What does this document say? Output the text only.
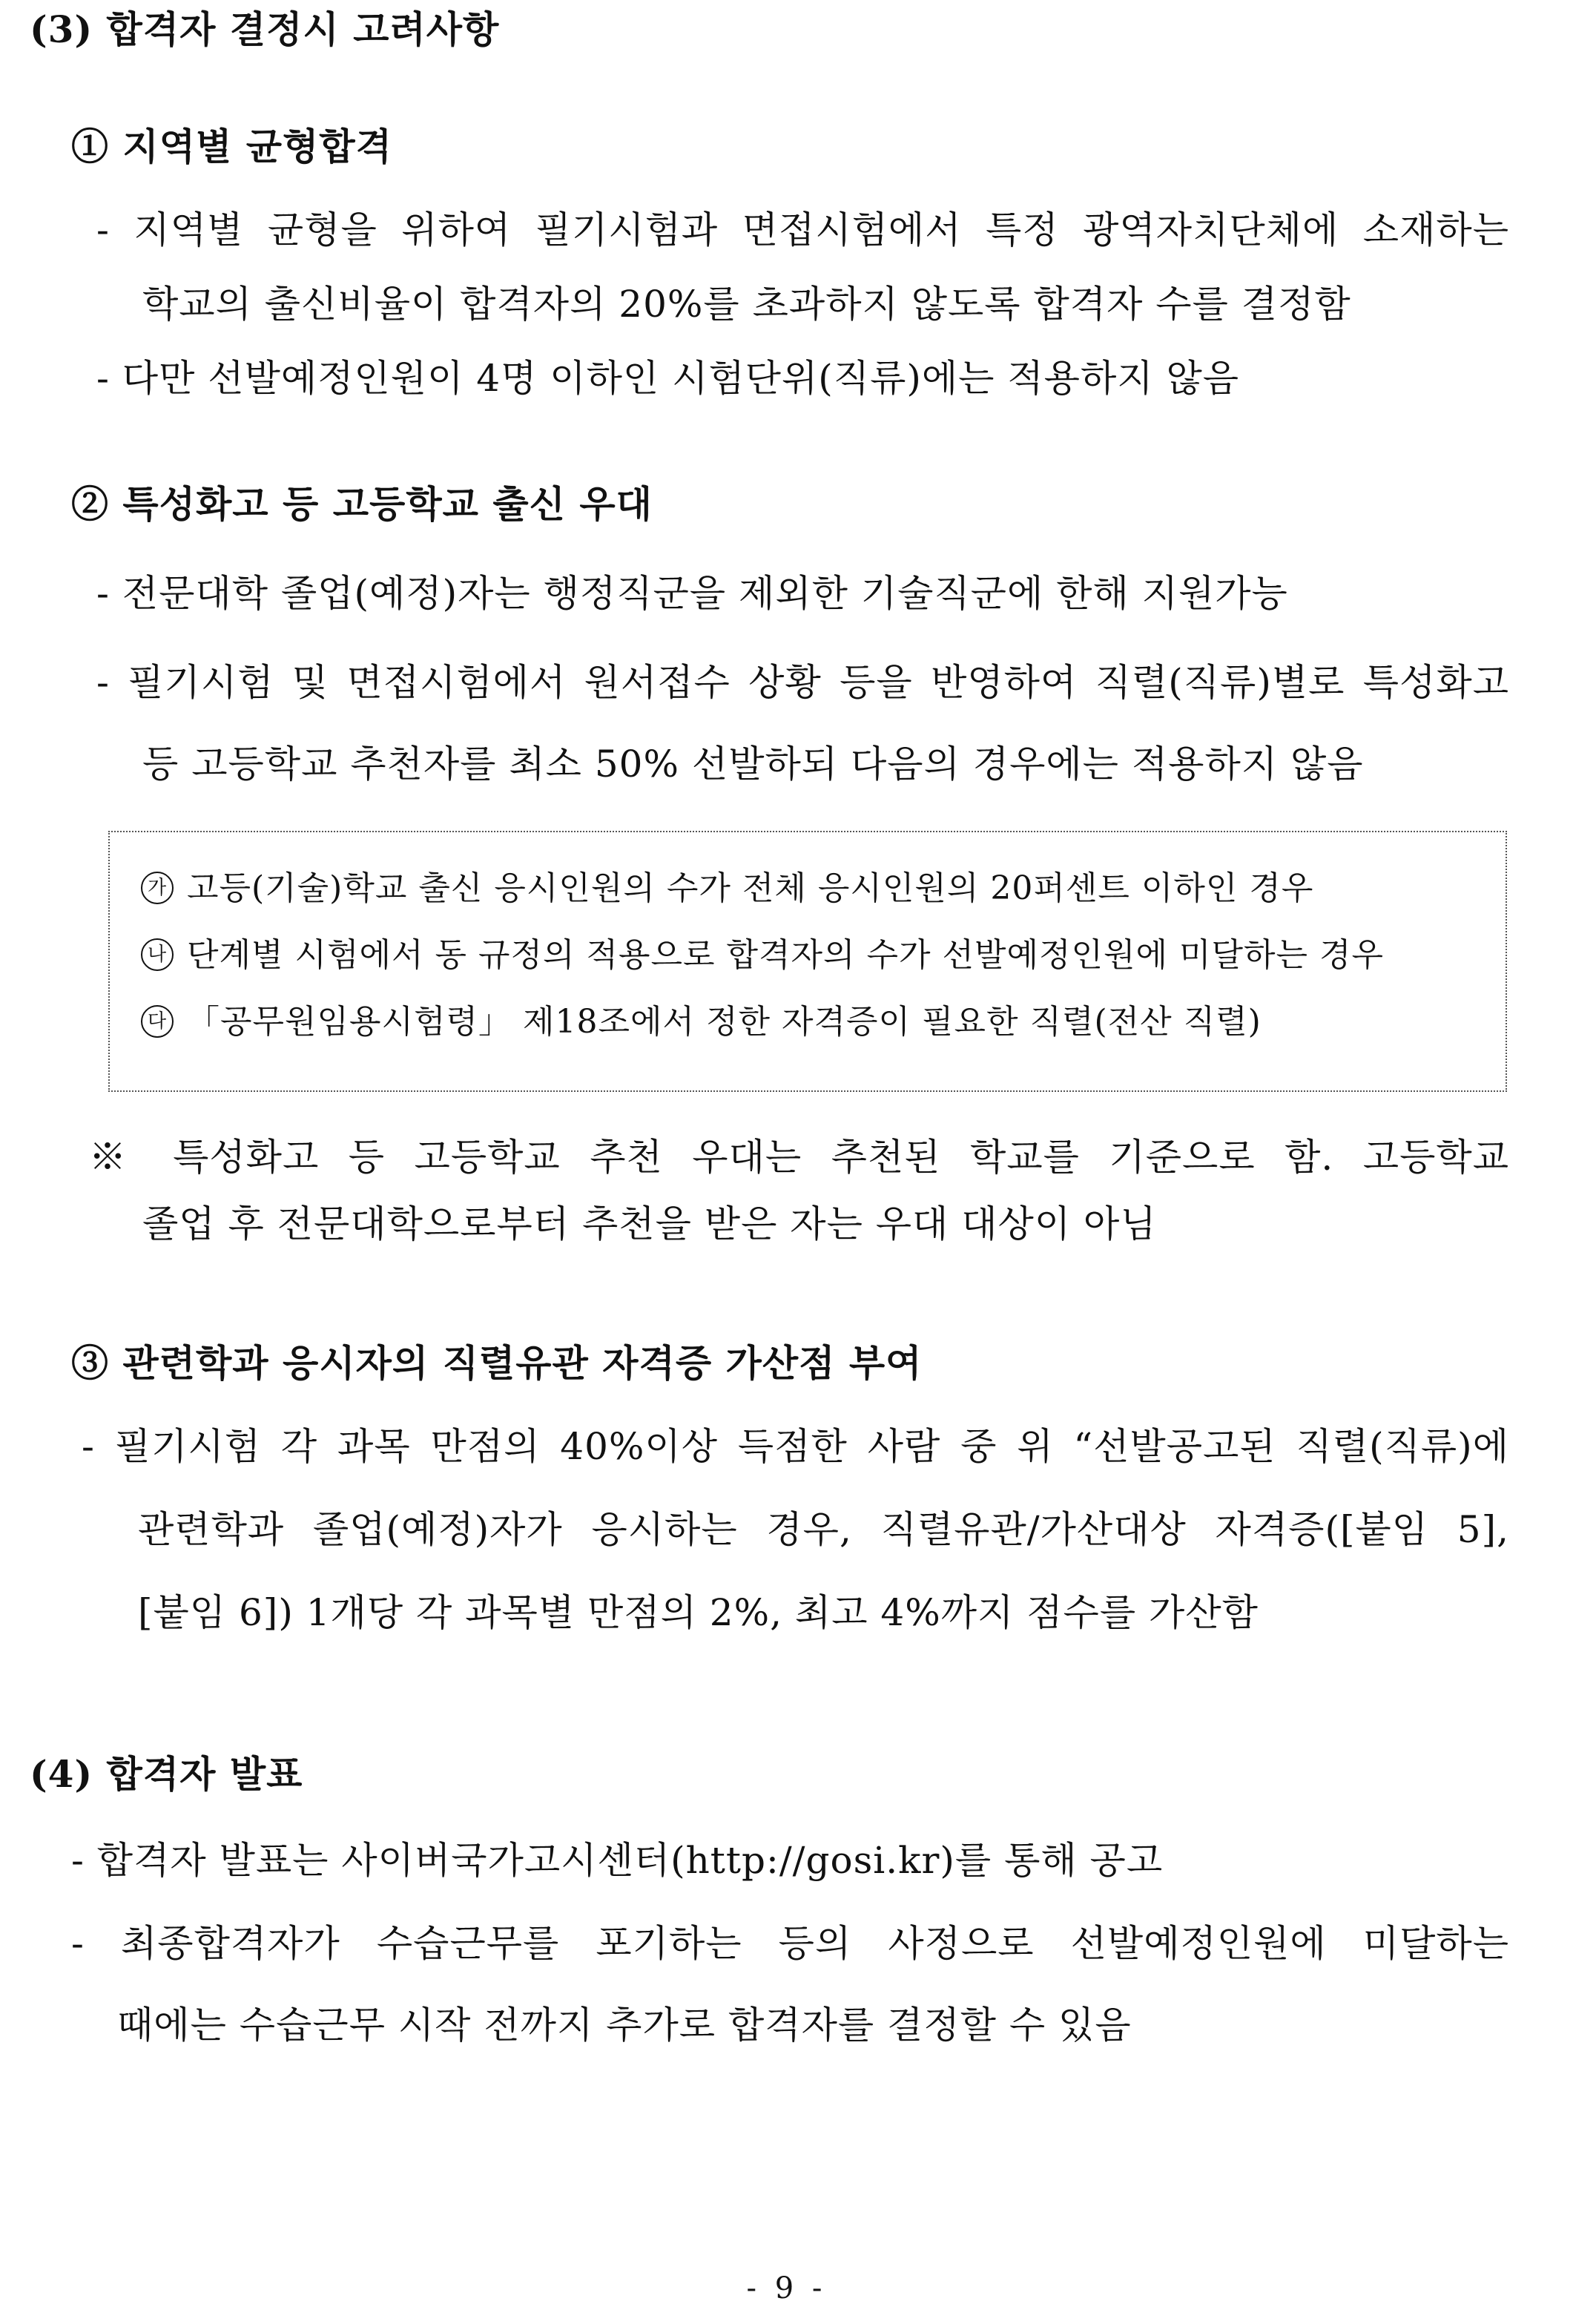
(3) 합격자 결정시 고려사항
① 지역별 균형합격
- 지역별 균형을 위하여 필기시험과 면접시험에서 특정 광역자치단체에 소재하는
학교의 출신비율이 합격자의 20%를 초과하지 않도록 합격자 수를 결정함
- 다만 선발예정인원이 4명 이하인 시험단위(직류)에는 적용하지 않음
② 특성화고 등 고등학교 출신 우대
- 전문대학 졸업(예정)자는 행정직군을 제외한 기술직군에 한해 지원가능
- 필기시험 및 면접시험에서 원서접수 상황 등을 반영하여 직렬(직류)별로 특성화고
등 고등학교 추천자를 최소 50% 선발하되 다음의 경우에는 적용하지 않음
가 고등(기술)학교 출신 응시인원의 수가 전체 응시인원의 20퍼센트 이하인 경우
나 단계별 시험에서 동 규정의 적용으로 합격자의 수가 선발예정인원에 미달하는 경우
다 「공무원임용시험령」 제18조에서 정한 자격증이 필요한 직렬(전산 직렬)
※ 특성화고 등 고등학교 추천 우대는 추천된 학교를 기준으로 함. 고등학교
졸업 후 전문대학으로부터 추천을 받은 자는 우대 대상이 아님
③ 관련학과 응시자의 직렬유관 자격증 가산점 부여
- 필기시험 각 과목 만점의 40%이상 득점한 사람 중 위 “선발공고된 직렬(직류)에
관련학과 졸업(예정)자가 응시하는 경우, 직렬유관/가산대상 자격증([붙임 5],
[붙임 6]) 1개당 각 과목별 만점의 2%, 최고 4%까지 점수를 가산함
(4) 합격자 발표
- 합격자 발표는 사이버국가고시센터(http://gosi.kr)를 통해 공고
- 최종합격자가 수습근무를 포기하는 등의 사정으로 선발예정인원에 미달하는
때에는 수습근무 시작 전까지 추가로 합격자를 결정할 수 있음
- 9 -
